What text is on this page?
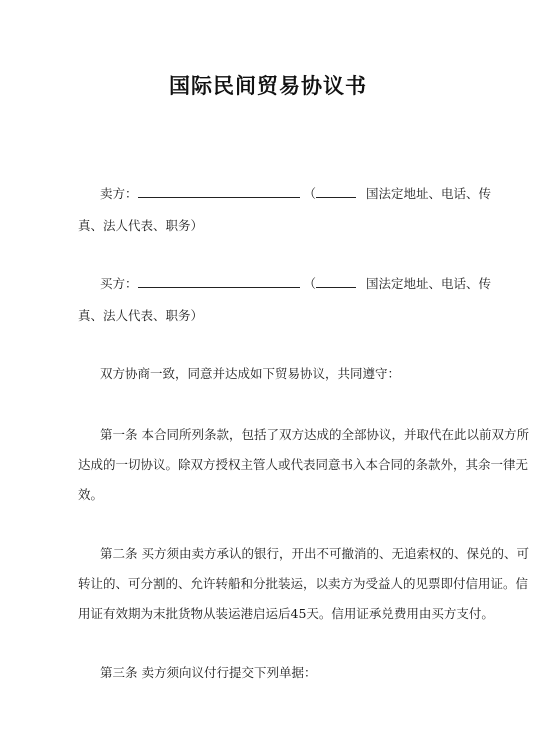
国际民间贸易协议书
卖方：	（	国法定地址、电话、传
真、法人代表、职务）
买方：	（	国法定地址、电话、传
真、法人代表、职务）
双方协商一致，同意并达成如下贸易协议，共同遵守：
第一条 本合同所列条款，包括了双方达成的全部协议，并取代在此以前双方所
达成的一切协议。除双方授权主管人或代表同意书入本合同的条款外，其余一律无
效。
第二条 买方须由卖方承认的银行，开出不可撤消的、无追索权的、保兑的、可
转让的、可分割的、允许转船和分批装运，以卖方为受益人的见票即付信用证。信
用证有效期为末批货物从装运港启运后45天。信用证承兑费用由买方支付。
第三条 卖方须向议付行提交下列单据：
